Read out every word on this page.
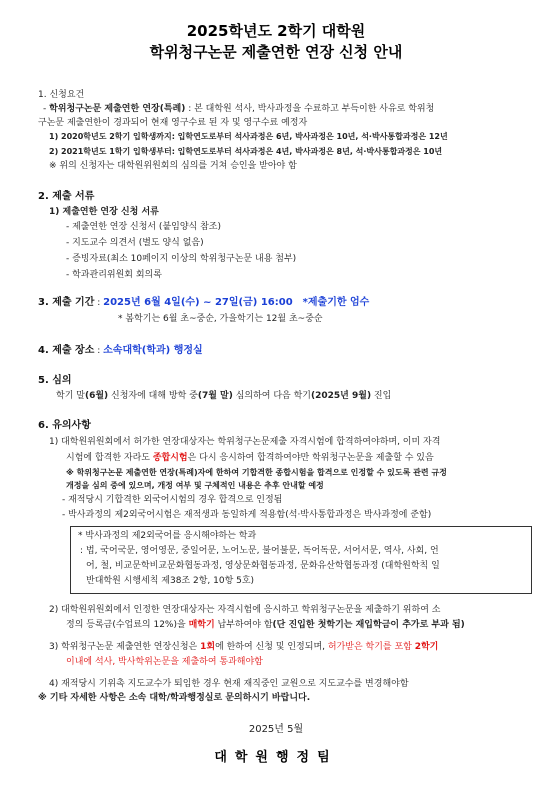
2025학년도 2학기 대학원
학위청구논문 제출연한 연장 신청 안내
1. 신청요건
- 학위청구논문 제출연한 연장(특례) : 본 대학원 석사, 박사과정을 수료하고 부득이한 사유로 학위청
구논문 제출연한이 경과되어 현재 영구수료 된 자 및 영구수료 예정자
1) 2020학년도 2학기 입학생까지: 입학연도로부터 석사과정은 6년, 박사과정은 10년, 석·박사통합과정은 12년
2) 2021학년도 1학기 입학생부터: 입학연도로부터 석사과정은 4년, 박사과정은 8년, 석·박사통합과정은 10년
※ 위의 신청자는 대학원위원회의 심의를 거쳐 승인을 받아야 함
2. 제출 서류
1) 제출연한 연장 신청 서류
- 제출연한 연장 신청서 (붙임양식 참조)
- 지도교수 의견서 (별도 양식 없음)
- 증빙자료(최소 10페이지 이상의 학위청구논문 내용 첨부)
- 학과관리위원회 회의록
3. 제출 기간 : 2025년 6월 4일(수) ~ 27일(금) 16:00 *제출기한 엄수
* 봄학기는 6월 초~중순, 가을학기는 12월 초~중순
4. 제출 장소 : 소속대학(학과) 행정실
5. 심의
학기 말(6월) 신청자에 대해 방학 중(7월 말) 심의하여 다음 학기(2025년 9월) 진입
6. 유의사항
1) 대학원위원회에서 허가한 연장대상자는 학위청구논문제출 자격시험에 합격하여야하며, 이미 자격
시험에 합격한 자라도 종합시험은 다시 응시하여 합격하여야만 학위청구논문을 제출할 수 있음
※ 학위청구논문 제출연한 연장(특례)자에 한하여 기합격한 종합시험을 합격으로 인정할 수 있도록 관련 규정
개정을 심의 중에 있으며, 개정 여부 및 구체적인 내용은 추후 안내할 예정
- 재적당시 기합격한 외국어시험의 경우 합격으로 인정됨
- 박사과정의 제2외국어시험은 재적생과 동일하게 적용함(석·박사통합과정은 박사과정에 준함)
* 박사과정의 제2외국어를 응시해야하는 학과
: 법, 국어국문, 영어영문, 중일어문, 노어노문, 불어불문, 독어독문, 서어서문, 역사, 사회, 언
어, 철, 비교문학비교문화협동과정, 영상문화협동과정, 문화유산학협동과정 (대학원학칙 일
반대학원 시행세칙 제38조 2항, 10항 5호)
2) 대학원위원회에서 인정한 연장대상자는 자격시험에 응시하고 학위청구논문을 제출하기 위하여 소
정의 등록금(수업료의 12%)을 매학기 납부하여야 함(단 진입한 첫학기는 재입학금이 추가로 부과 됨)
3) 학위청구논문 제출연한 연장신청은 1회에 한하여 신청 및 인정되며, 허가받은 학기를 포함 2학기
이내에 석사, 박사학위논문을 제출하여 통과해야함
4) 재적당시 기위촉 지도교수가 퇴임한 경우 현재 재직중인 교원으로 지도교수를 변경해야함
※ 기타 자세한 사항은 소속 대학/학과행정실로 문의하시기 바랍니다.
2025년 5월
대학원행정팀
